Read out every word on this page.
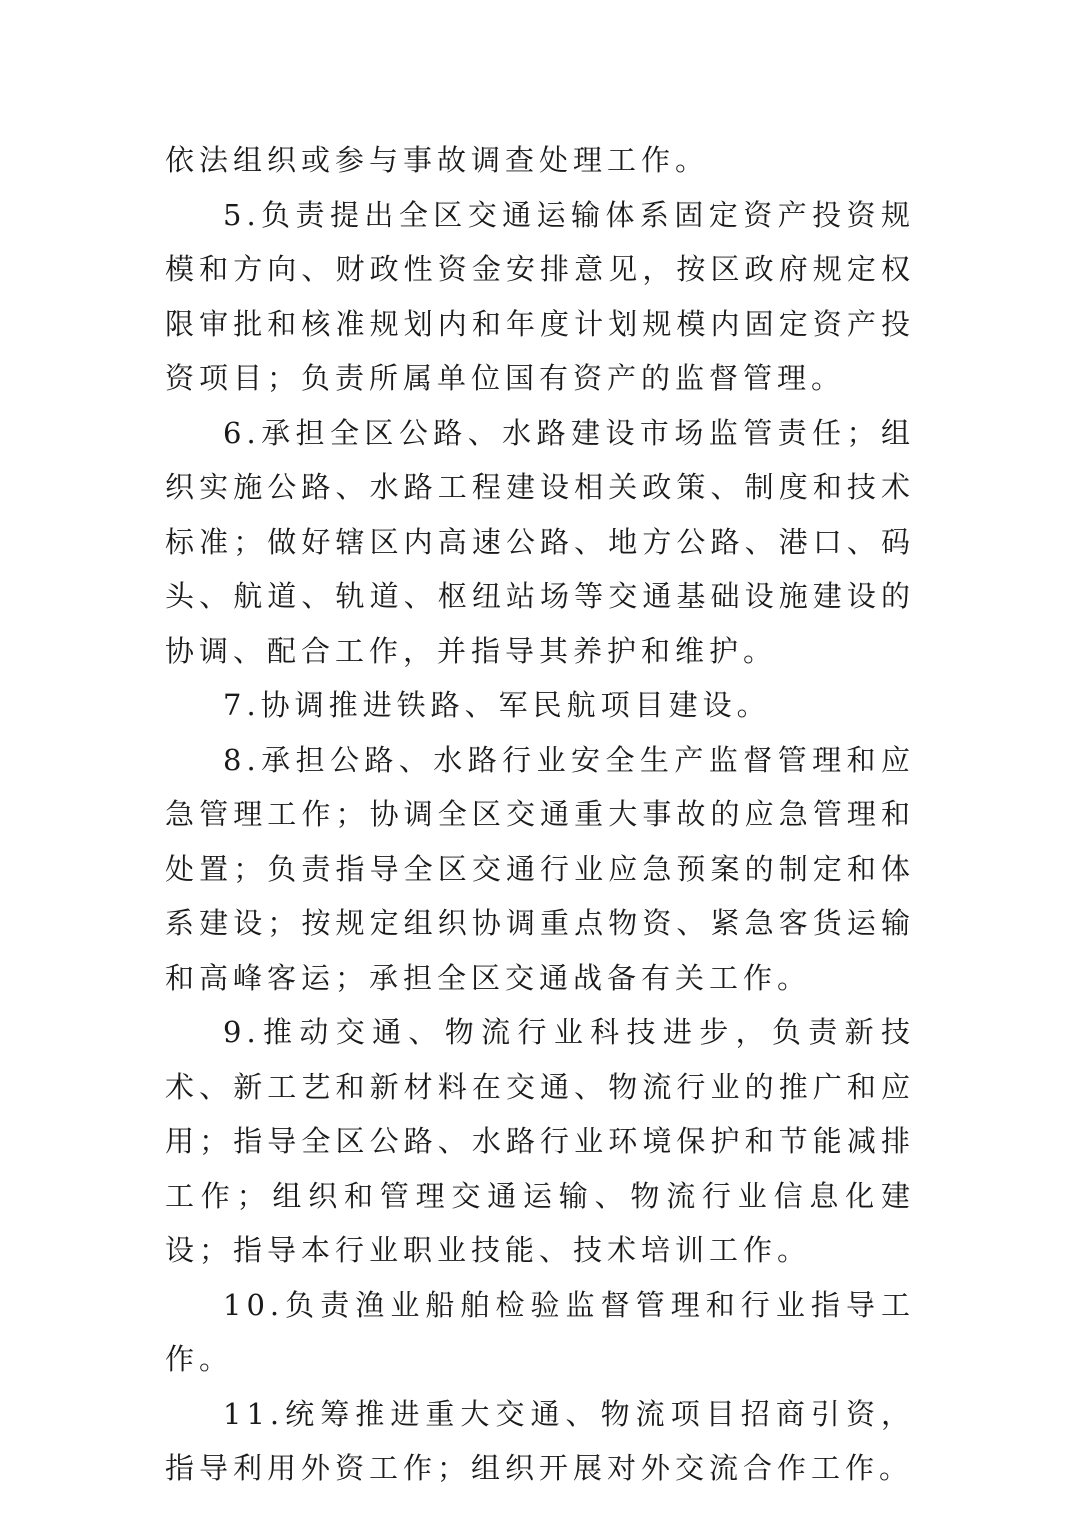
依法组织或参与事故调查处理工作。

5.负责提出全区交通运输体系固定资产投资规模和方向、财政性资金安排意见，按区政府规定权限审批和核准规划内和年度计划规模内固定资产投资项目；负责所属单位国有资产的监督管理。

6.承担全区公路、水路建设市场监管责任；组织实施公路、水路工程建设相关政策、制度和技术标准；做好辖区内高速公路、地方公路、港口、码头、航道、轨道、枢纽站场等交通基础设施建设的协调、配合工作，并指导其养护和维护。

7.协调推进铁路、军民航项目建设。

8.承担公路、水路行业安全生产监督管理和应急管理工作；协调全区交通重大事故的应急管理和处置；负责指导全区交通行业应急预案的制定和体系建设；按规定组织协调重点物资、紧急客货运输和高峰客运；承担全区交通战备有关工作。

9.推动交通、物流行业科技进步，负责新技术、新工艺和新材料在交通、物流行业的推广和应用；指导全区公路、水路行业环境保护和节能减排工作；组织和管理交通运输、物流行业信息化建设；指导本行业职业技能、技术培训工作。

10.负责渔业船舶检验监督管理和行业指导工作。

11.统筹推进重大交通、物流项目招商引资，指导利用外资工作；组织开展对外交流合作工作。
